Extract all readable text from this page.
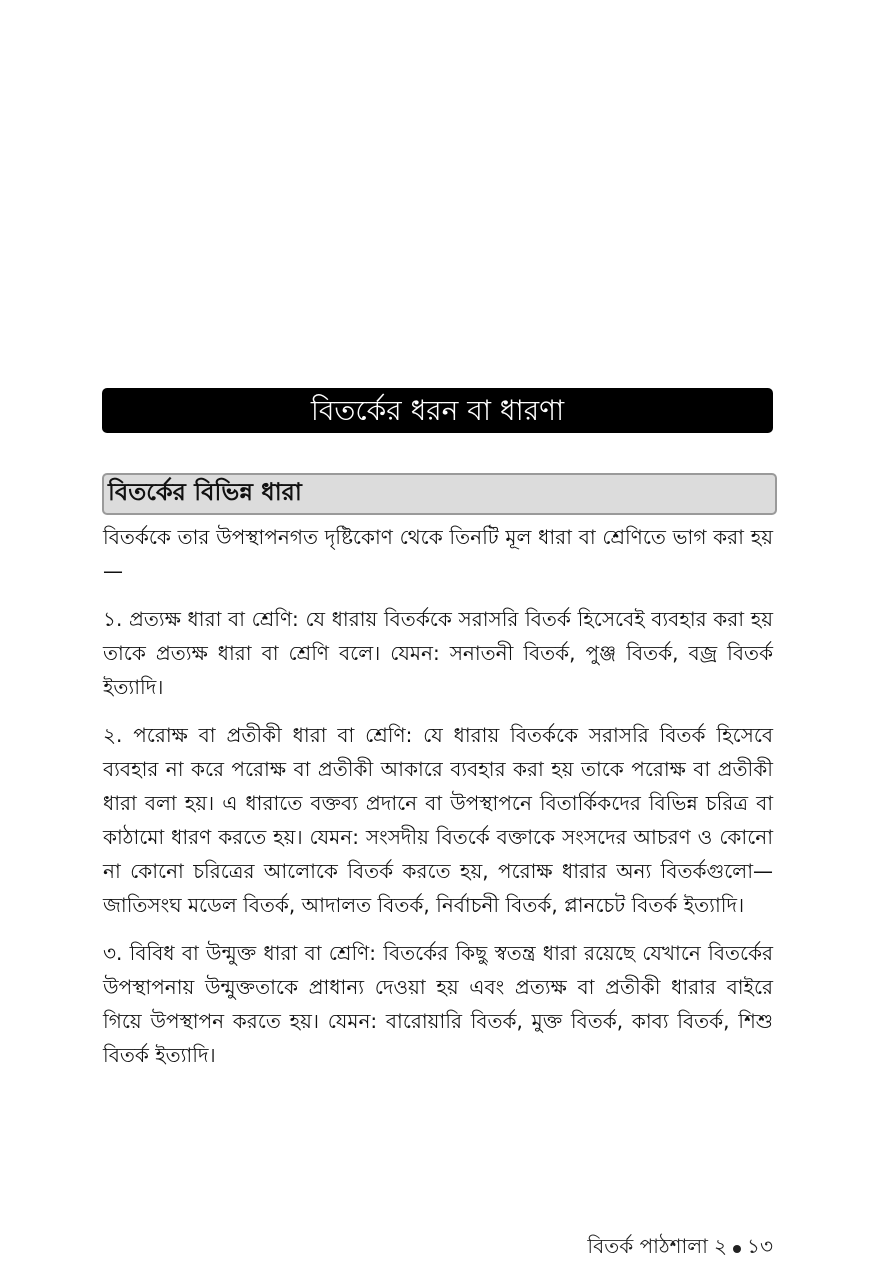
বিতর্কের ধরন বা ধারণা
বিতর্কের বিভিন্ন ধারা

বিতর্ককে তার উপস্থাপনগত দৃষ্টিকোণ থেকে তিনটি মূল ধারা বা শ্রেণিতে ভাগ করা হয়—

১. প্রত্যক্ষ ধারা বা শ্রেণি: যে ধারায় বিতর্ককে সরাসরি বিতর্ক হিসেবেই ব্যবহার করা হয় তাকে প্রত্যক্ষ ধারা বা শ্রেণি বলে। যেমন: সনাতনী বিতর্ক, পুঞ্জ বিতর্ক, বজ্র বিতর্ক ইত্যাদি।

২. পরোক্ষ বা প্রতীকী ধারা বা শ্রেণি: যে ধারায় বিতর্ককে সরাসরি বিতর্ক হিসেবে ব্যবহার না করে পরোক্ষ বা প্রতীকী আকারে ব্যবহার করা হয় তাকে পরোক্ষ বা প্রতীকী ধারা বলা হয়। এ ধারাতে বক্তব্য প্রদানে বা উপস্থাপনে বিতার্কিকদের বিভিন্ন চরিত্র বা কাঠামো ধারণ করতে হয়। যেমন: সংসদীয় বিতর্কে বক্তাকে সংসদের আচরণ ও কোনো না কোনো চরিত্রের আলোকে বিতর্ক করতে হয়, পরোক্ষ ধারার অন্য বিতর্কগুলো— জাতিসংঘ মডেল বিতর্ক, আদালত বিতর্ক, নির্বাচনী বিতর্ক, প্লানচেট বিতর্ক ইত্যাদি।

৩. বিবিধ বা উন্মুক্ত ধারা বা শ্রেণি: বিতর্কের কিছু স্বতন্ত্র ধারা রয়েছে যেখানে বিতর্কের উপস্থাপনায় উন্মুক্ততাকে প্রাধান্য দেওয়া হয় এবং প্রত্যক্ষ বা প্রতীকী ধারার বাইরে গিয়ে উপস্থাপন করতে হয়। যেমন: বারোয়ারি বিতর্ক, মুক্ত বিতর্ক, কাব্য বিতর্ক, শিশু বিতর্ক ইত্যাদি।

বিতর্ক পাঠশালা ২ ১৩
